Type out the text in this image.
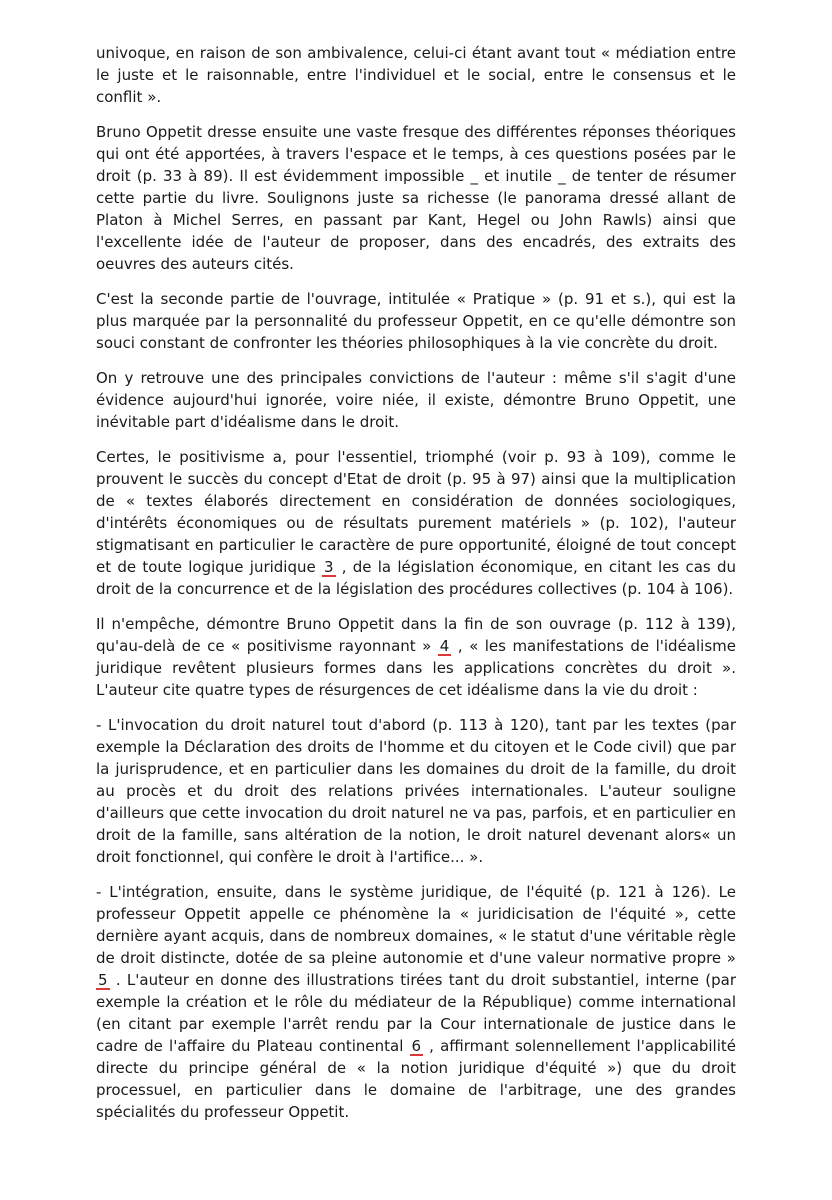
univoque, en raison de son ambivalence, celui-ci étant avant tout « médiation entre le juste et le raisonnable, entre l'individuel et le social, entre le consensus et le conflit ».

Bruno Oppetit dresse ensuite une vaste fresque des différentes réponses théoriques qui ont été apportées, à travers l'espace et le temps, à ces questions posées par le droit (p. 33 à 89). Il est évidemment impossible _ et inutile _ de tenter de résumer cette partie du livre. Soulignons juste sa richesse (le panorama dressé allant de Platon à Michel Serres, en passant par Kant, Hegel ou John Rawls) ainsi que l'excellente idée de l'auteur de proposer, dans des encadrés, des extraits des oeuvres des auteurs cités.

C'est la seconde partie de l'ouvrage, intitulée « Pratique » (p. 91 et s.), qui est la plus marquée par la personnalité du professeur Oppetit, en ce qu'elle démontre son souci constant de confronter les théories philosophiques à la vie concrète du droit.

On y retrouve une des principales convictions de l'auteur : même s'il s'agit d'une évidence aujourd'hui ignorée, voire niée, il existe, démontre Bruno Oppetit, une inévitable part d'idéalisme dans le droit.

Certes, le positivisme a, pour l'essentiel, triomphé (voir p. 93 à 109), comme le prouvent le succès du concept d'Etat de droit (p. 95 à 97) ainsi que la multiplication de « textes élaborés directement en considération de données sociologiques, d'intérêts économiques ou de résultats purement matériels » (p. 102), l'auteur stigmatisant en particulier le caractère de pure opportunité, éloigné de tout concept et de toute logique juridique 3 , de la législation économique, en citant les cas du droit de la concurrence et de la législation des procédures collectives (p. 104 à 106).

Il n'empêche, démontre Bruno Oppetit dans la fin de son ouvrage (p. 112 à 139), qu'au-delà de ce « positivisme rayonnant » 4 , « les manifestations de l'idéalisme juridique revêtent plusieurs formes dans les applications concrètes du droit ». L'auteur cite quatre types de résurgences de cet idéalisme dans la vie du droit :

- L'invocation du droit naturel tout d'abord (p. 113 à 120), tant par les textes (par exemple la Déclaration des droits de l'homme et du citoyen et le Code civil) que par la jurisprudence, et en particulier dans les domaines du droit de la famille, du droit au procès et du droit des relations privées internationales. L'auteur souligne d'ailleurs que cette invocation du droit naturel ne va pas, parfois, et en particulier en droit de la famille, sans altération de la notion, le droit naturel devenant alors« un droit fonctionnel, qui confère le droit à l'artifice... ».

- L'intégration, ensuite, dans le système juridique, de l'équité (p. 121 à 126). Le professeur Oppetit appelle ce phénomène la « juridicisation de l'équité », cette dernière ayant acquis, dans de nombreux domaines, « le statut d'une véritable règle de droit distincte, dotée de sa pleine autonomie et d'une valeur normative propre » 5 . L'auteur en donne des illustrations tirées tant du droit substantiel, interne (par exemple la création et le rôle du médiateur de la République) comme international (en citant par exemple l'arrêt rendu par la Cour internationale de justice dans le cadre de l'affaire du Plateau continental 6 , affirmant solennellement l'applicabilité directe du principe général de « la notion juridique d'équité ») que du droit processuel, en particulier dans le domaine de l'arbitrage, une des grandes spécialités du professeur Oppetit.
